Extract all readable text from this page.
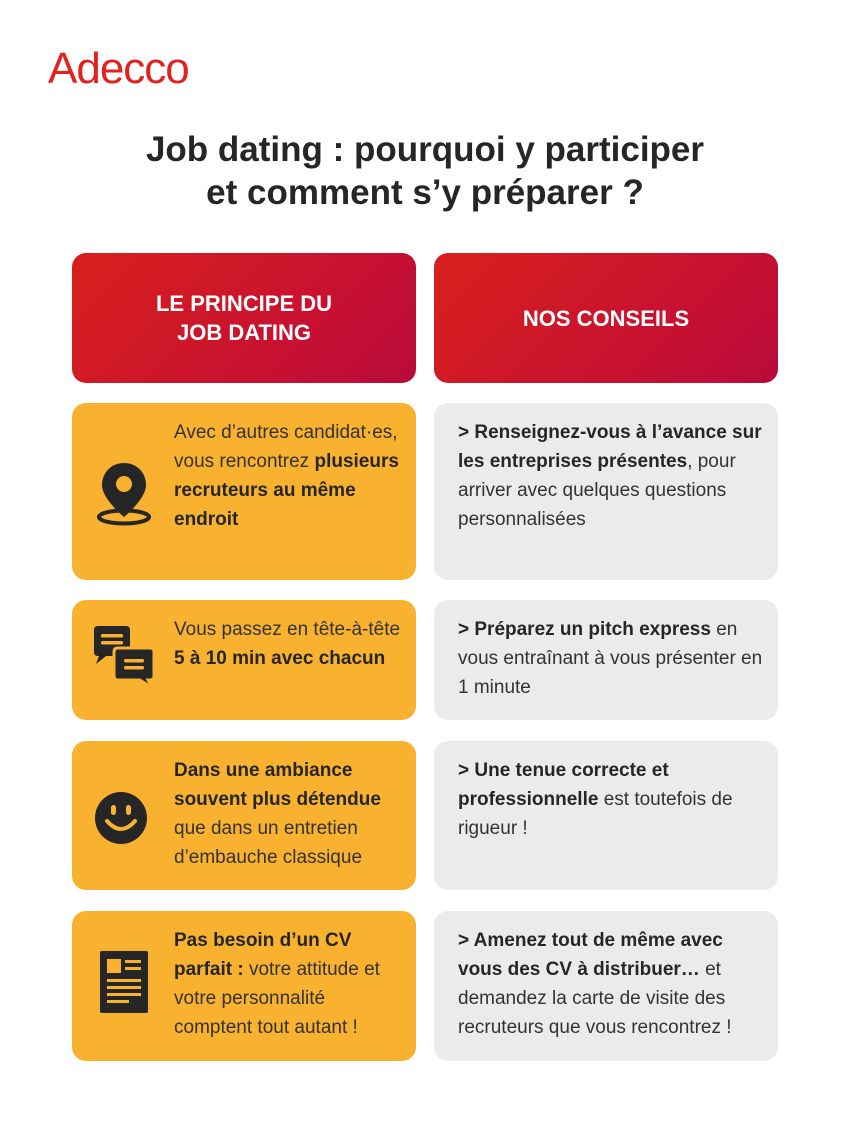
Adecco
Job dating : pourquoi y participer
et comment s’y préparer ?
LE PRINCIPE DU
JOB DATING
NOS CONSEILS
Avec d’autres candidat·es, vous rencontrez plusieurs recruteurs au même endroit
> Renseignez-vous à l’avance sur les entreprises présentes, pour arriver avec quelques questions personnalisées
Vous passez en tête-à-tête 5 à 10 min avec chacun
> Préparez un pitch express en vous entraînant à vous présenter en 1 minute
Dans une ambiance souvent plus détendue que dans un entretien d’embauche classique
> Une tenue correcte et professionnelle est toutefois de rigueur !
Pas besoin d’un CV parfait : votre attitude et votre personnalité comptent tout autant !
> Amenez tout de même avec vous des CV à distribuer… et demandez la carte de visite des recruteurs que vous rencontrez !
